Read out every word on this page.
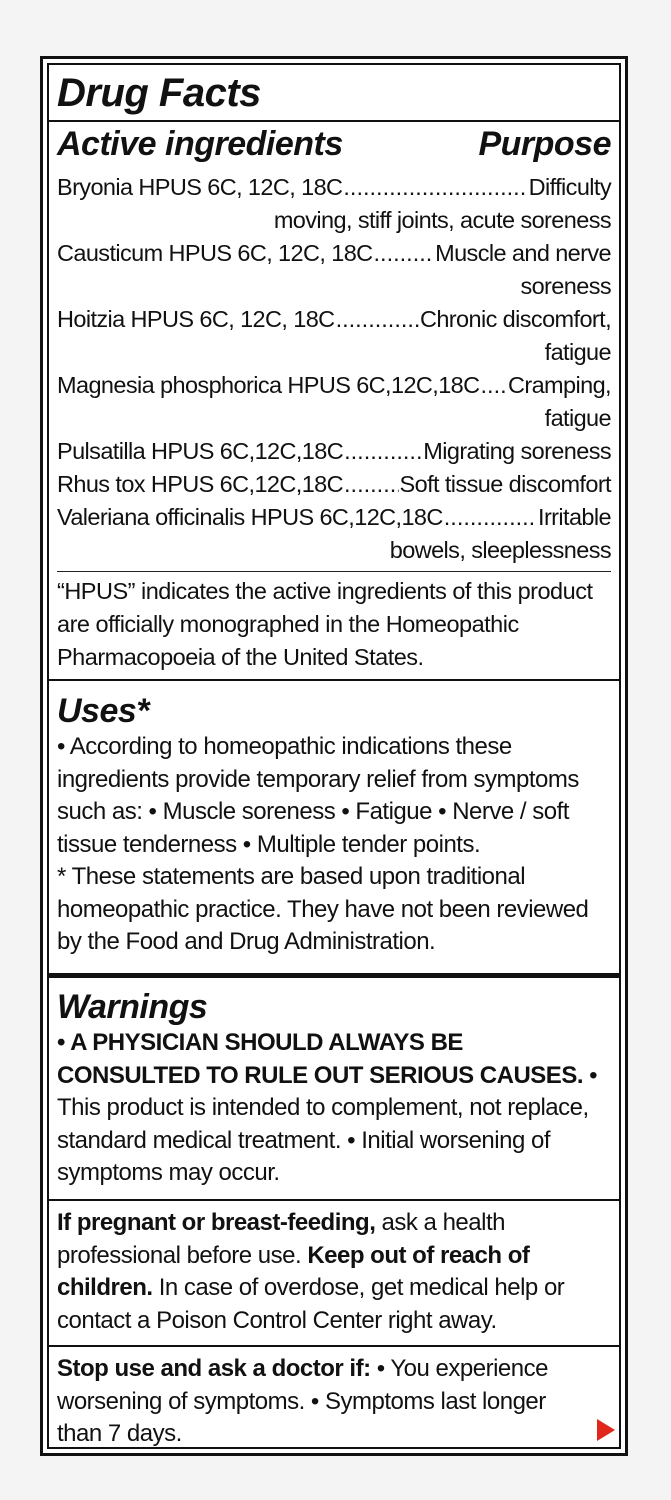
Drug Facts
Active ingredients	Purpose
Bryonia HPUS 6C, 12C, 18C .....	Difficulty
moving, stiff joints, acute soreness
Causticum HPUS 6C, 12C, 18C .....	Muscle and nerve
soreness
Hoitzia HPUS 6C, 12C, 18C .....	Chronic discomfort,
fatigue
Magnesia phosphorica HPUS 6C,12C,18C ..... Cramping,
fatigue
Pulsatilla HPUS 6C,12C,18C .....	Migrating soreness
Rhus tox HPUS 6C,12C,18C ..... Soft tissue discomfort
Valeriana officinalis HPUS 6C,12C,18C .....	Irritable
bowels, sleeplessness
“HPUS” indicates the active ingredients of this product are officially monographed in the Homeopathic Pharmacopoeia of the United States.
Uses*
• According to homeopathic indications these ingredients provide temporary relief from symptoms such as: • Muscle soreness • Fatigue • Nerve / soft tissue tenderness • Multiple tender points.
* These statements are based upon traditional homeopathic practice. They have not been reviewed by the Food and Drug Administration.
Warnings
• A PHYSICIAN SHOULD ALWAYS BE CONSULTED TO RULE OUT SERIOUS CAUSES. • This product is intended to complement, not replace, standard medical treatment. • Initial worsening of symptoms may occur.
If pregnant or breast-feeding, ask a health professional before use. Keep out of reach of children. In case of overdose, get medical help or contact a Poison Control Center right away.
Stop use and ask a doctor if: • You experience worsening of symptoms. • Symptoms last longer than 7 days.
